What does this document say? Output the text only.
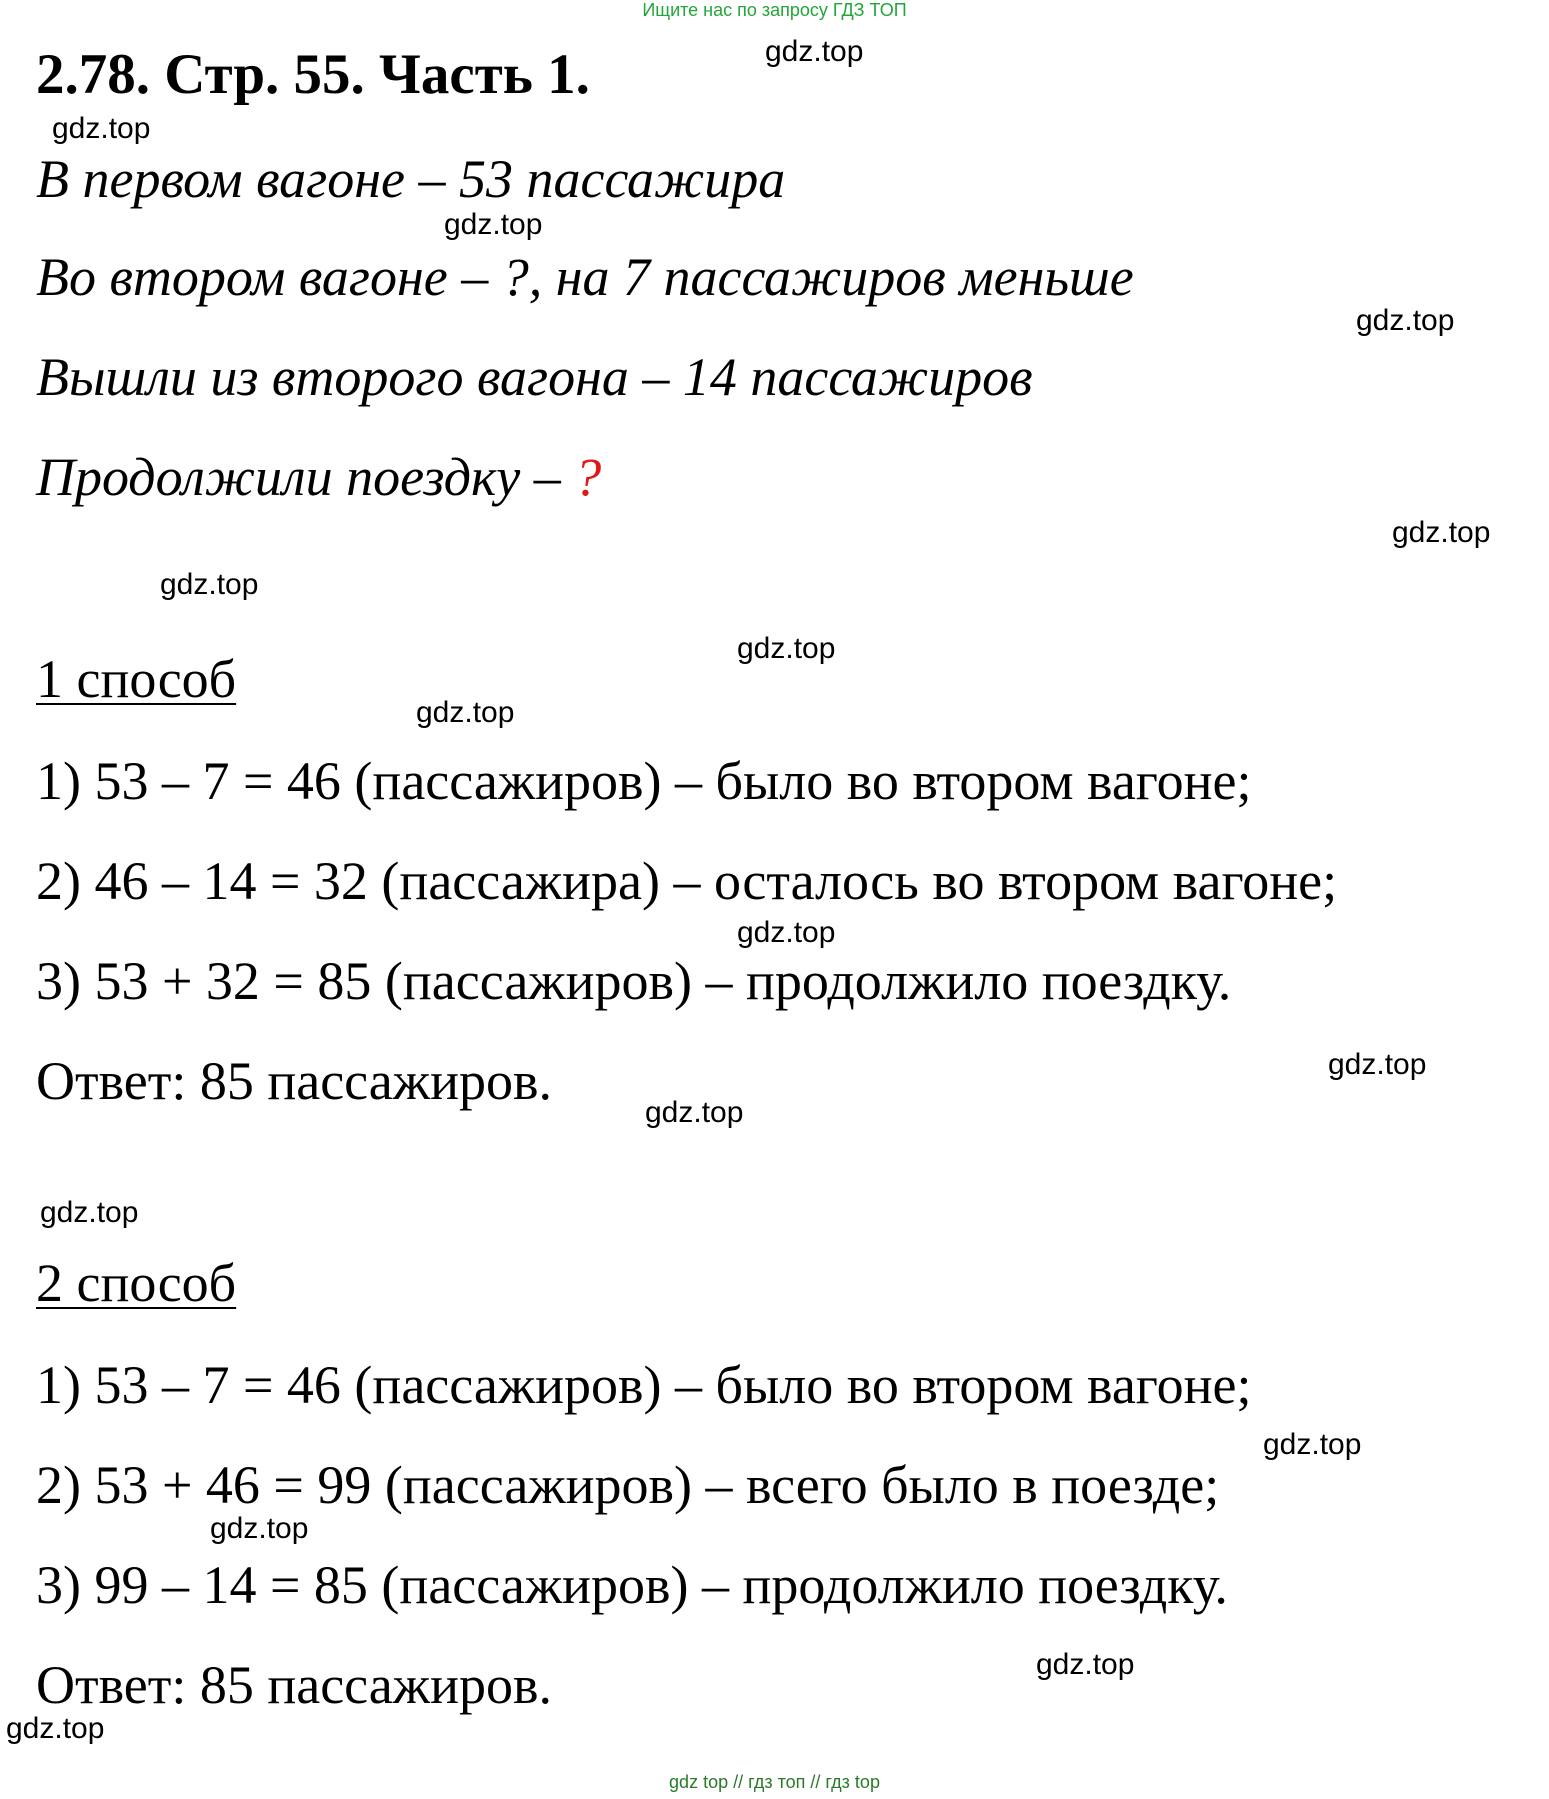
Ищите нас по запросу ГДЗ ТОП
2.78. Стр. 55. Часть 1.
В первом вагоне – 53 пассажира
Во втором вагоне – ?, на 7 пассажиров меньше
Вышли из второго вагона – 14 пассажиров
Продолжили поездку – ?
1 способ
1) 53 – 7 = 46 (пассажиров) – было во втором вагоне;
2) 46 – 14 = 32 (пассажира) – осталось во втором вагоне;
3) 53 + 32 = 85 (пассажиров) – продолжило поездку.
Ответ: 85 пассажиров.
2 способ
1) 53 – 7 = 46 (пассажиров) – было во втором вагоне;
2) 53 + 46 = 99 (пассажиров) – всего было в поезде;
3) 99 – 14 = 85 (пассажиров) – продолжило поездку.
Ответ: 85 пассажиров.
gdz.top
gdz.top
gdz.top
gdz.top
gdz.top
gdz.top
gdz.top
gdz.top
gdz.top
gdz.top
gdz.top
gdz.top
gdz.top
gdz.top
gdz.top
gdz.top
gdz top // гдз топ // гдз top
